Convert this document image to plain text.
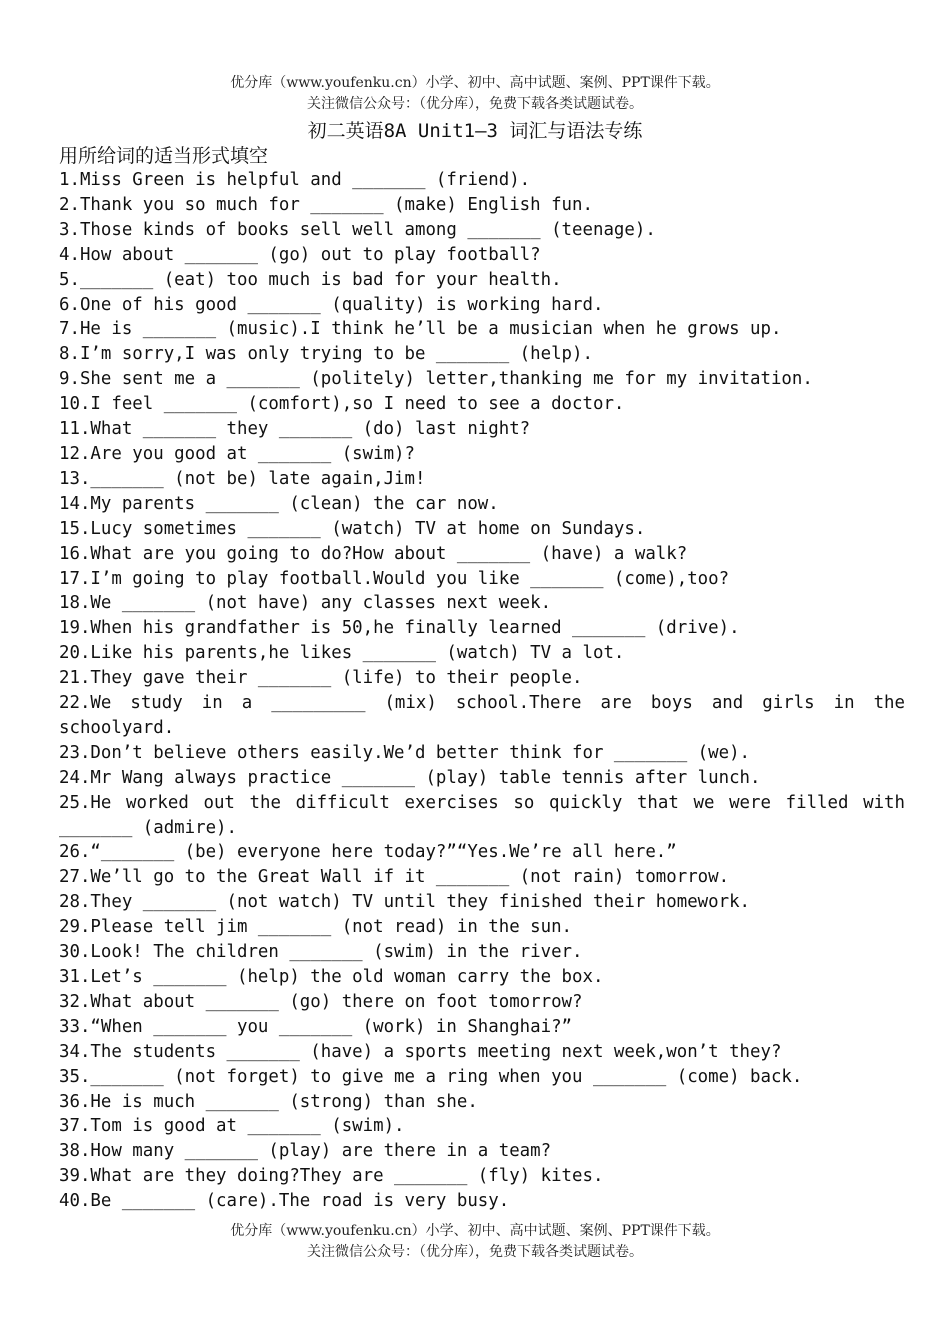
优分库（www.youfenku.cn）小学、初中、高中试题、案例、PPT课件下载。
关注微信公众号：（优分库），免费下载各类试题试卷。
初二英语8A Unit1—3 词汇与语法专练
用所给词的适当形式填空

1.Miss Green is helpful and _______ (friend).

2.Thank you so much for _______ (make) English fun.

3.Those kinds of books sell well among _______ (teenage).

4.How about _______ (go) out to play football?

5._______ (eat) too much is bad for your health.

6.One of his good _______ (quality) is working hard.

7.He is _______ (music).I think he’ll be a musician when he grows up.

8.I’m sorry,I was only trying to be _______ (help).

9.She sent me a _______ (politely) letter,thanking me for my invitation.

10.I feel _______ (comfort),so I need to see a doctor.

11.What _______ they _______ (do) last night?

12.Are you good at _______ (swim)?

13._______ (not be) late again,Jim!

14.My parents _______ (clean) the car now.

15.Lucy sometimes _______ (watch) TV at home on Sundays.

16.What are you going to do?How about _______ (have) a walk?

17.I’m going to play football.Would you like _______ (come),too?

18.We _______ (not have) any classes next week.

19.When his grandfather is 50,he finally learned _______ (drive).

20.Like his parents,he likes _______ (watch) TV a lot.

21.They gave their _______ (life) to their people.

22.We study in a _________ (mix) school.There are boys and girls in the schoolyard.

23.Don’t believe others easily.We’d better think for _______ (we).

24.Mr Wang always practice _______ (play) table tennis after lunch.

25.He worked out the difficult exercises so quickly that we were filled with _______ (admire).

26.“_______ (be) everyone here today?”“Yes.We’re all here.”

27.We’ll go to the Great Wall if it _______ (not rain) tomorrow.

28.They _______ (not watch) TV until they finished their homework.

29.Please tell jim _______ (not read) in the sun.

30.Look! The children _______ (swim) in the river.

31.Let’s _______ (help) the old woman carry the box.

32.What about _______ (go) there on foot tomorrow?

33.“When _______ you _______ (work) in Shanghai?”

34.The students _______ (have) a sports meeting next week,won’t they?

35._______ (not forget) to give me a ring when you _______ (come) back.

36.He is much _______ (strong) than she.

37.Tom is good at _______ (swim).

38.How many _______ (play) are there in a team?

39.What are they doing?They are _______ (fly) kites.

40.Be _______ (care).The road is very busy.

优分库（www.youfenku.cn）小学、初中、高中试题、案例、PPT课件下载。
关注微信公众号：（优分库），免费下载各类试题试卷。
